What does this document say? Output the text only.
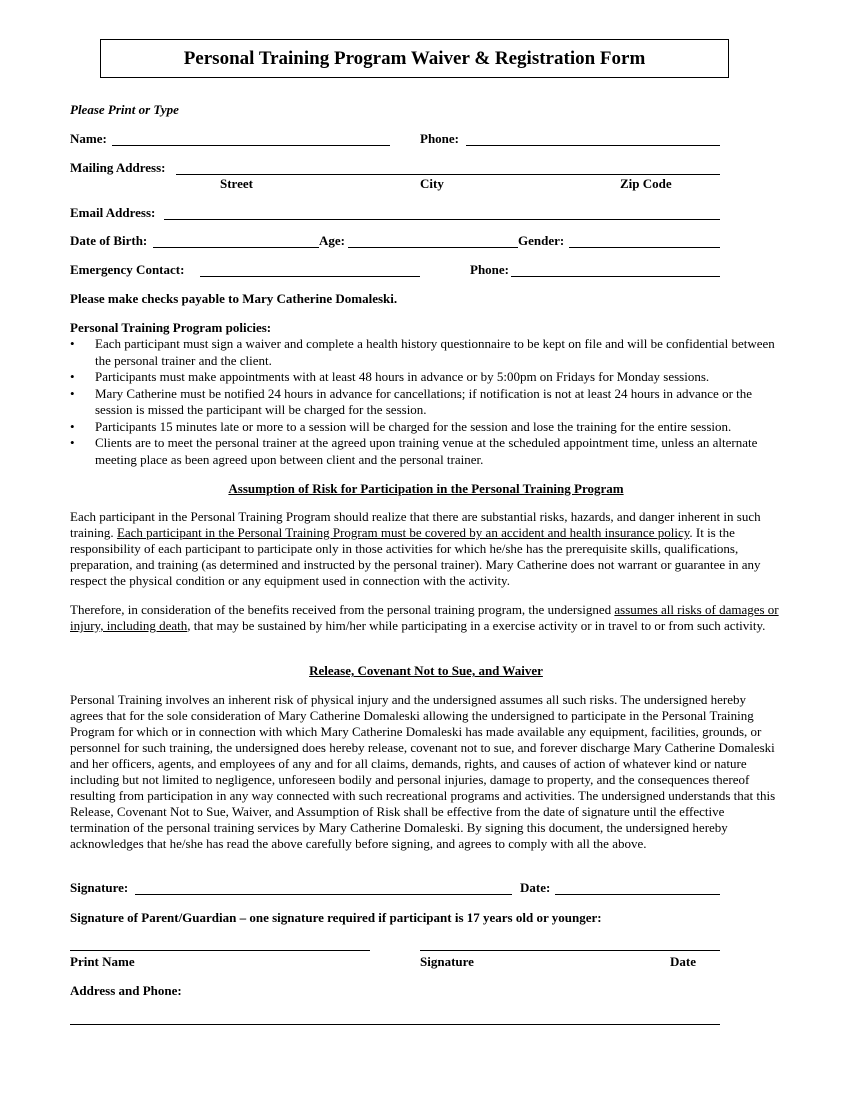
Personal Training Program Waiver & Registration Form
Please Print or Type
Name:	Phone:
Mailing Address:
Street	City	Zip Code
Email Address:
Date of Birth:	Age:	Gender:
Emergency Contact:	Phone:
Please make checks payable to Mary Catherine Domaleski.
Personal Training Program policies:
• Each participant must sign a waiver and complete a health history questionnaire to be kept on file and will be confidential between the personal trainer and the client.
• Participants must make appointments with at least 48 hours in advance or by 5:00pm on Fridays for Monday sessions.
• Mary Catherine must be notified 24 hours in advance for cancellations; if notification is not at least 24 hours in advance or the session is missed the participant will be charged for the session.
• Participants 15 minutes late or more to a session will be charged for the session and lose the training for the entire session.
• Clients are to meet the personal trainer at the agreed upon training venue at the scheduled appointment time, unless an alternate meeting place as been agreed upon between client and the personal trainer.
Assumption of Risk for Participation in the Personal Training Program
Each participant in the Personal Training Program should realize that there are substantial risks, hazards, and danger inherent in such training. Each participant in the Personal Training Program must be covered by an accident and health insurance policy. It is the responsibility of each participant to participate only in those activities for which he/she has the prerequisite skills, qualifications, preparation, and training (as determined and instructed by the personal trainer). Mary Catherine does not warrant or guarantee in any respect the physical condition or any equipment used in connection with the activity.
Therefore, in consideration of the benefits received from the personal training program, the undersigned assumes all risks of damages or injury, including death, that may be sustained by him/her while participating in a exercise activity or in travel to or from such activity.
Release, Covenant Not to Sue, and Waiver
Personal Training involves an inherent risk of physical injury and the undersigned assumes all such risks. The undersigned hereby agrees that for the sole consideration of Mary Catherine Domaleski allowing the undersigned to participate in the Personal Training Program for which or in connection with which Mary Catherine Domaleski has made available any equipment, facilities, grounds, or personnel for such training, the undersigned does hereby release, covenant not to sue, and forever discharge Mary Catherine Domaleski and her officers, agents, and employees of any and for all claims, demands, rights, and causes of action of whatever kind or nature including but not limited to negligence, unforeseen bodily and personal injuries, damage to property, and the consequences thereof resulting from participation in any way connected with such recreational programs and activities. The undersigned understands that this Release, Covenant Not to Sue, Waiver, and Assumption of Risk shall be effective from the date of signature until the effective termination of the personal training services by Mary Catherine Domaleski. By signing this document, the undersigned hereby acknowledges that he/she has read the above carefully before signing, and agrees to comply with all the above.
Signature:	Date:
Signature of Parent/Guardian – one signature required if participant is 17 years old or younger:
Print Name	Signature	Date
Address and Phone:
